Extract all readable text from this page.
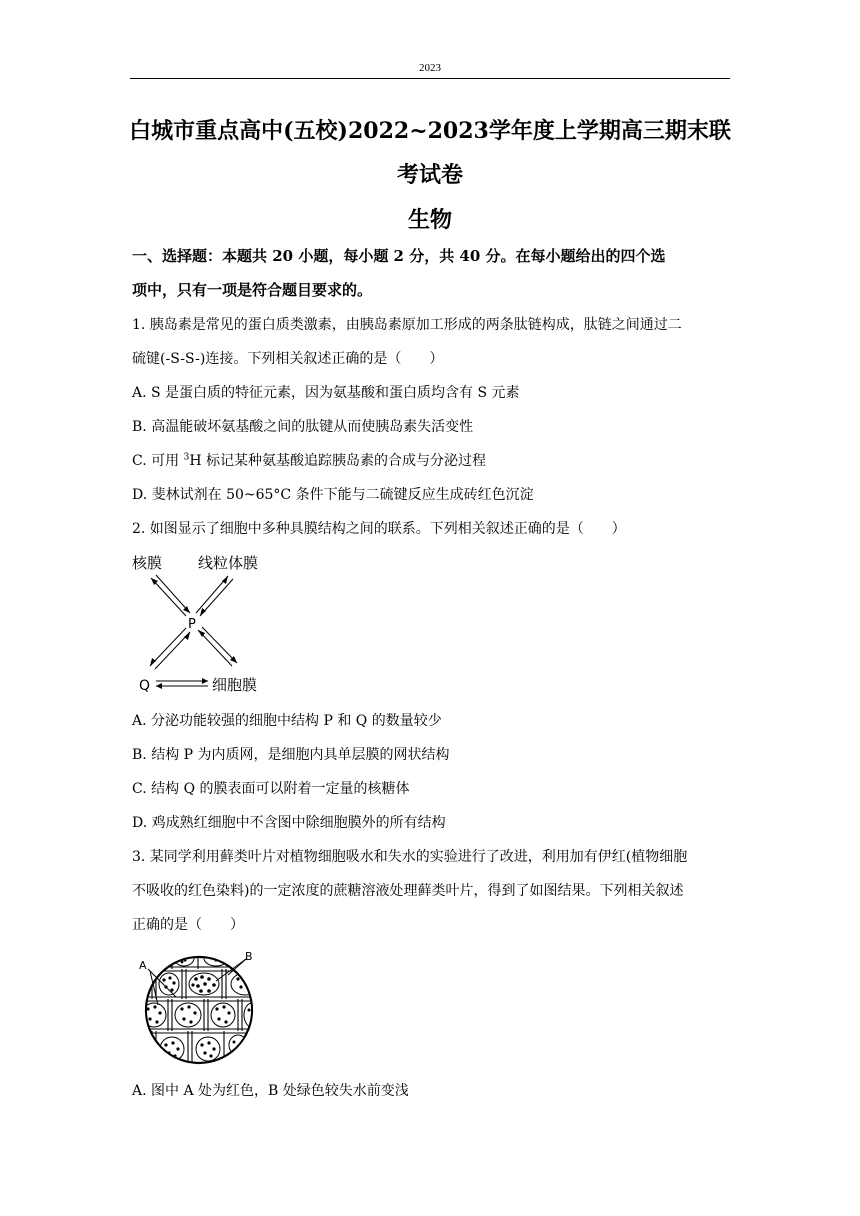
2023
白城市重点高中(五校)2022~2023学年度上学期高三期末联
考试卷
生物
一、选择题：本题共 20 小题，每小题 2 分，共 40 分。在每小题给出的四个选
项中，只有一项是符合题目要求的。
1. 胰岛素是常见的蛋白质类激素，由胰岛素原加工形成的两条肽链构成，肽链之间通过二
硫键(-S-S-)连接。下列相关叙述正确的是（　　）
A. S 是蛋白质的特征元素，因为氨基酸和蛋白质均含有 S 元素
B. 高温能破坏氨基酸之间的肽键从而使胰岛素失活变性
C. 可用 $^3$H 标记某种氨基酸追踪胰岛素的合成与分泌过程
D. 斐林试剂在 50~65°C 条件下能与二硫键反应生成砖红色沉淀
2. 如图显示了细胞中多种具膜结构之间的联系。下列相关叙述正确的是（　　）
核膜 线粒体膜
P
Q	细胞膜
A. 分泌功能较强的细胞中结构 P 和 Q 的数量较少
B. 结构 P 为内质网，是细胞内具单层膜的网状结构
C. 结构 Q 的膜表面可以附着一定量的核糖体
D. 鸡成熟红细胞中不含图中除细胞膜外的所有结构
3. 某同学利用藓类叶片对植物细胞吸水和失水的实验进行了改进，利用加有伊红(植物细胞
不吸收的红色染料)的一定浓度的蔗糖溶液处理藓类叶片，得到了如图结果。下列相关叙述
正确的是（　　）
A
B
A. 图中 A 处为红色，B 处绿色较失水前变浅
